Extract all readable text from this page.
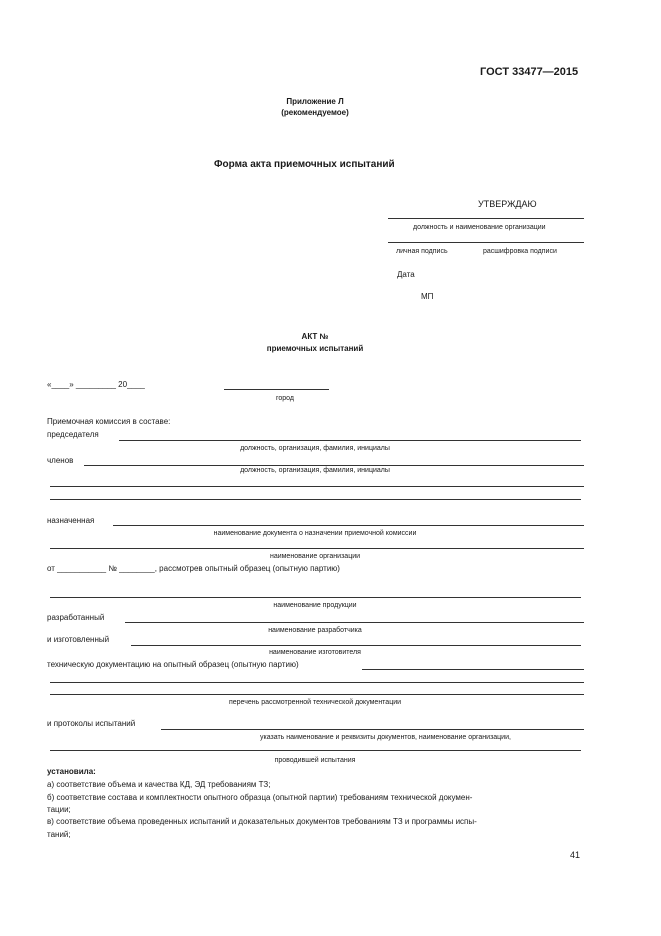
ГОСТ 33477—2015
Приложение Л
(рекомендуемое)
Форма акта приемочных испытаний
УТВЕРЖДАЮ
должность и наименование организации
личная подпись	расшифровка подписи
Дата
МП
АКТ №
приемочных испытаний
«____» _________ 20____
город
Приемочная комиссия в составе:
председателя
должность, организация, фамилия, инициалы
членов
должность, организация, фамилия, инициалы
назначенная
наименование документа о назначении приемочной комиссии
наименование организации
от ___________ № ________, рассмотрев опытный образец (опытную партию)
наименование продукции
разработанный
наименование разработчика
и изготовленный
наименование изготовителя
техническую документацию на опытный образец (опытную партию)
перечень рассмотренной технической документации
и протоколы испытаний
указать наименование и реквизиты документов, наименование организации,
проводившей испытания
установила:
а) соответствие объема и качества КД, ЭД требованиям ТЗ;
б) соответствие состава и комплектности опытного образца (опытной партии) требованиям технической докумен-
тации;
в) соответствие объема проведенных испытаний и доказательных документов требованиям ТЗ и программы испы-
таний;
41
